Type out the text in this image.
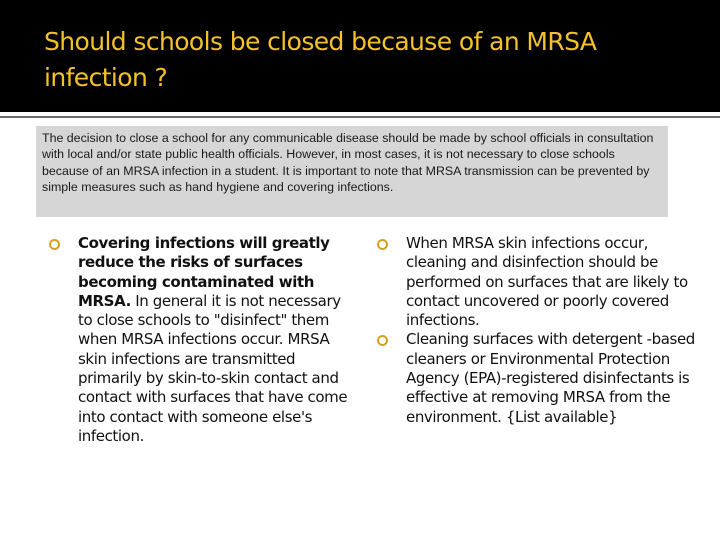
Should schools be closed because of an MRSA infection ?
The decision to close a school for any communicable disease should be made by school officials in consultation with local and/or state public health officials. However, in most cases, it is not necessary to close schools because of an MRSA infection in a student. It is important to note that MRSA transmission can be prevented by simple measures such as hand hygiene and covering infections.

Covering infections will greatly reduce the risks of surfaces becoming contaminated with MRSA. In general it is not necessary to close schools to "disinfect" them when MRSA infections occur. MRSA skin infections are transmitted primarily by skin-to-skin contact and contact with surfaces that have come into contact with someone else's infection.

When MRSA skin infections occur, cleaning and disinfection should be performed on surfaces that are likely to contact uncovered or poorly covered infections.

Cleaning surfaces with detergent -based cleaners or Environmental Protection Agency (EPA)-registered disinfectants is effective at removing MRSA from the environment. {List available}
